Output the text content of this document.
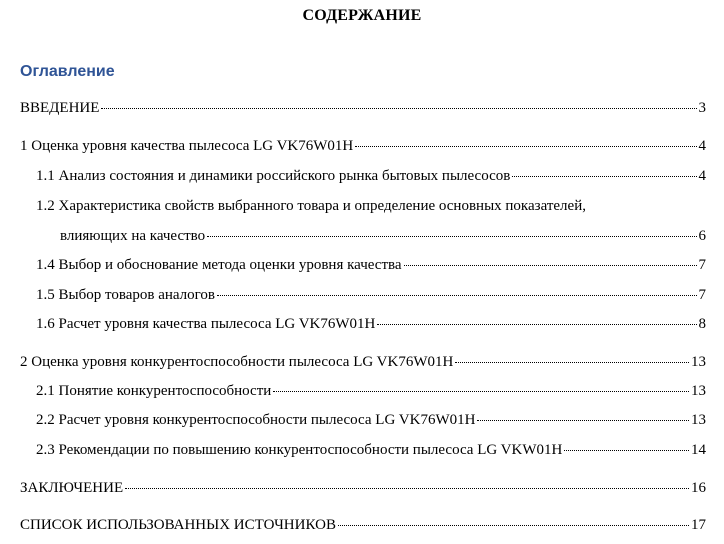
СОДЕРЖАНИЕ
Оглавление
ВВЕДЕНИЕ	3
1 Оценка уровня качества пылесоса LG VK76W01H	4
1.1 Анализ состояния и динамики российского рынка бытовых пылесосов	4
1.2 Характеристика свойств выбранного товара и определение основных показателей,
влияющих на качество	6
1.4 Выбор и обоснование метода оценки уровня качества	7
1.5 Выбор товаров аналогов	7
1.6 Расчет уровня качества пылесоса LG VK76W01H	8
2 Оценка уровня конкурентоспособности пылесоса LG VK76W01H	13
2.1 Понятие конкурентоспособности	13
2.2 Расчет уровня конкурентоспособности пылесоса LG VK76W01H	13
2.3 Рекомендации по повышению конкурентоспособности пылесоса LG VKW01H	14
ЗАКЛЮЧЕНИЕ	16
СПИСОК ИСПОЛЬЗОВАННЫХ ИСТОЧНИКОВ	17
